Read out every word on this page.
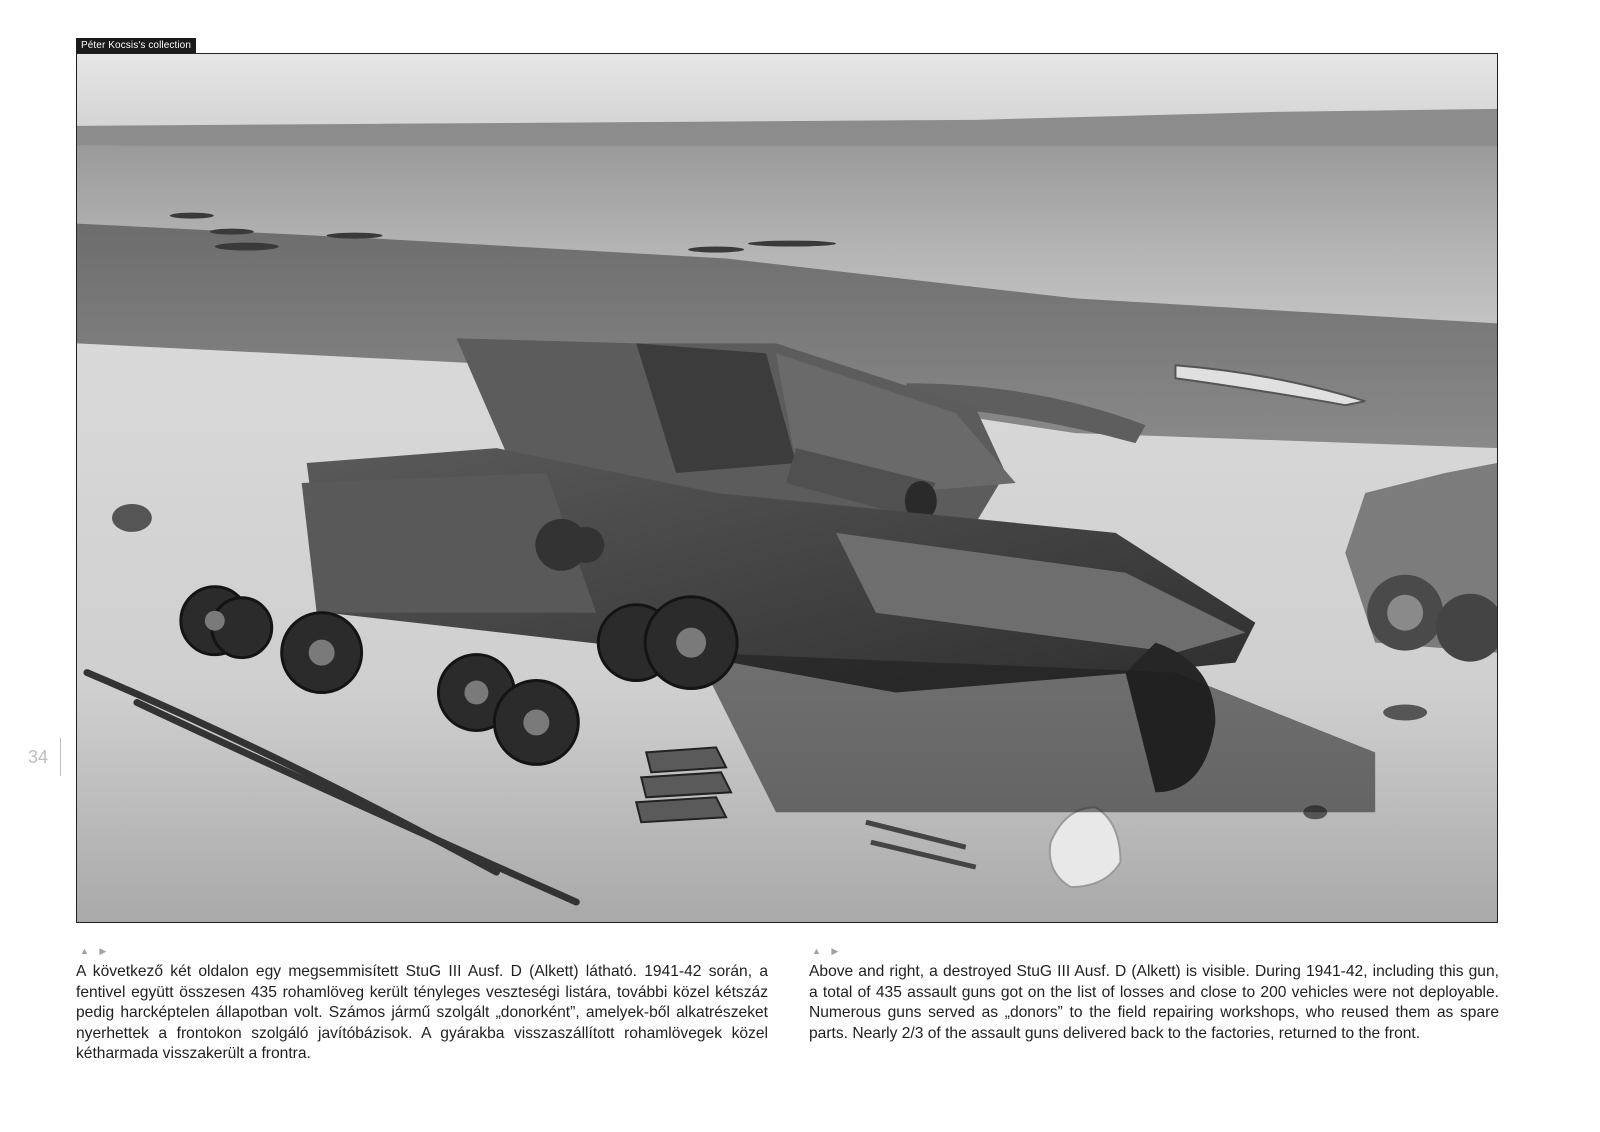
Péter Kocsis's collection
34
▲ ▶
A következő két oldalon egy megsemmisített StuG III Ausf. D (Alkett) látható. 1941-42 során, a fentivel együtt összesen 435 rohamlöveg került tényleges veszteségi listára, további közel kétszáz pedig harcképtelen állapotban volt. Számos jármű szolgált „donorként”, amelyek-ből alkatrészeket nyerhettek a frontokon szolgáló javítóbázisok. A gyárakba visszaszállított rohamlövegek közel kétharmada visszakerült a frontra.
▲ ▶
Above and right, a destroyed StuG III Ausf. D (Alkett) is visible. During 1941-42, including this gun, a total of 435 assault guns got on the list of losses and close to 200 vehicles were not deployable. Numerous guns served as „donors” to the field repairing workshops, who reused them as spare parts. Nearly 2/3 of the assault guns delivered back to the factories, returned to the front.
